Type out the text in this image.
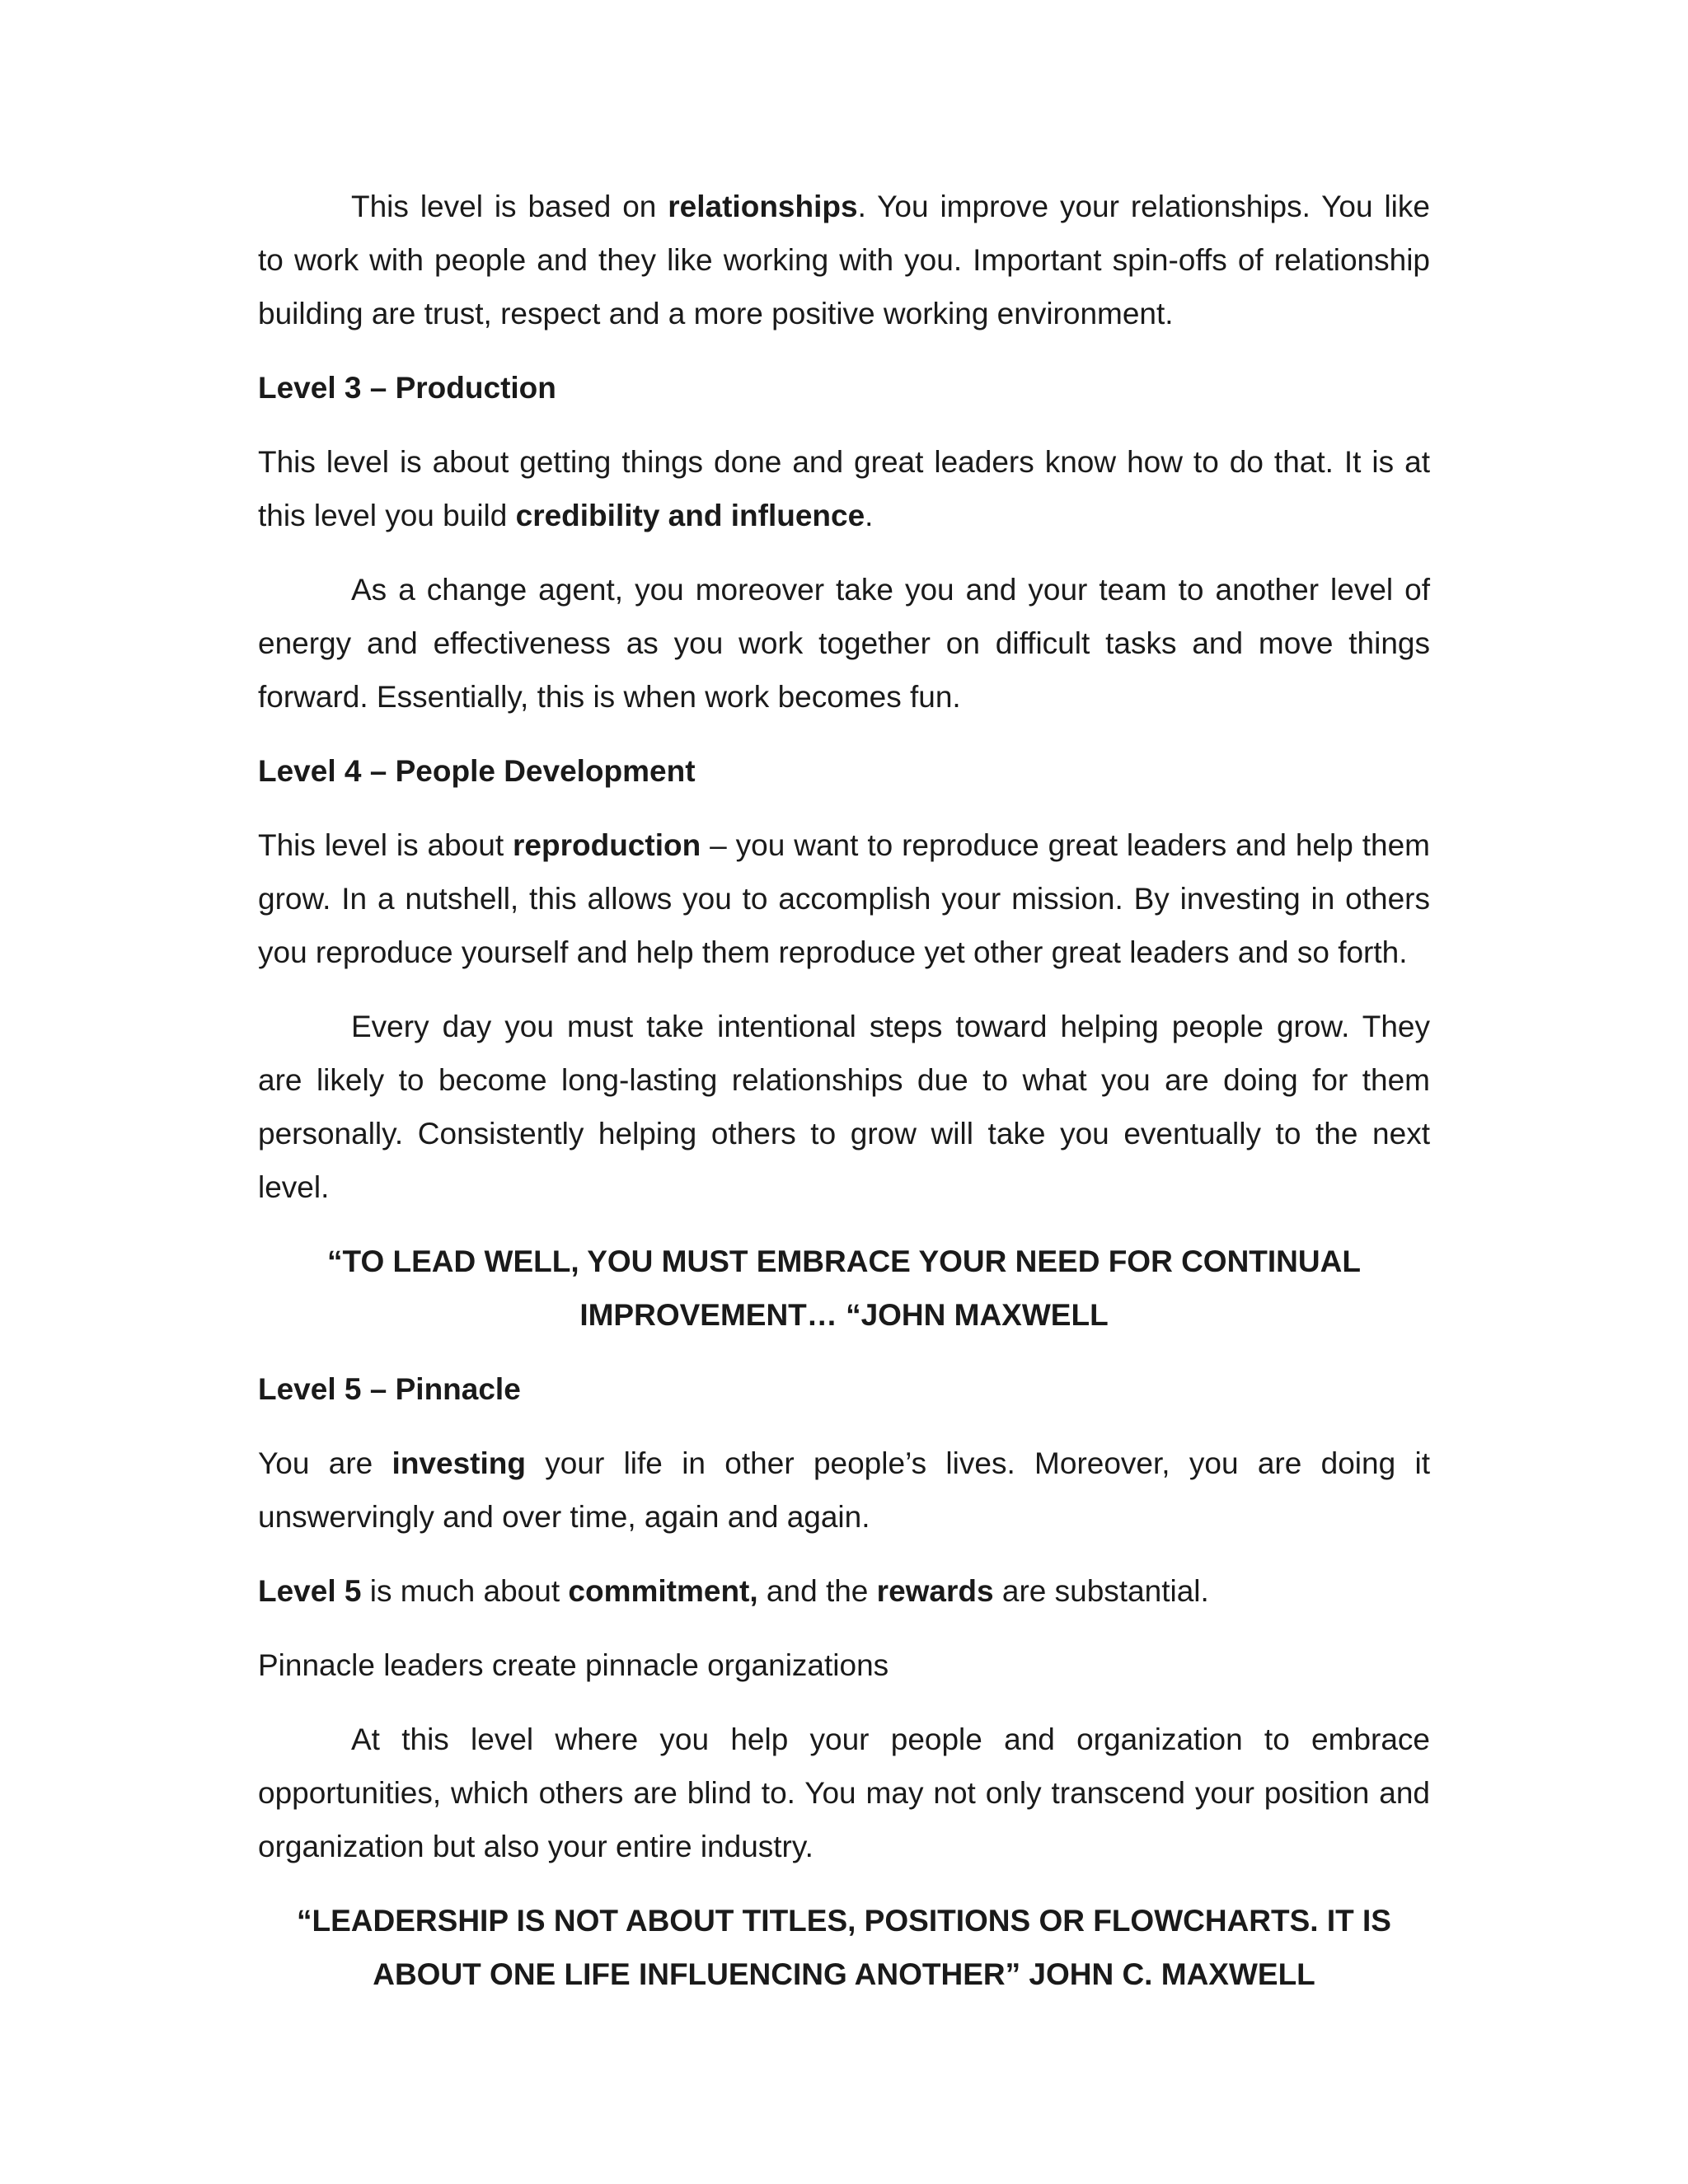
This level is based on relationships. You improve your relationships. You like to work with people and they like working with you. Important spin-offs of relationship building are trust, respect and a more positive working environment.

Level 3 – Production

This level is about getting things done and great leaders know how to do that. It is at this level you build credibility and influence.

As a change agent, you moreover take you and your team to another level of energy and effectiveness as you work together on difficult tasks and move things forward. Essentially, this is when work becomes fun.

Level 4 – People Development

This level is about reproduction – you want to reproduce great leaders and help them grow. In a nutshell, this allows you to accomplish your mission. By investing in others you reproduce yourself and help them reproduce yet other great leaders and so forth.

Every day you must take intentional steps toward helping people grow. They are likely to become long-lasting relationships due to what you are doing for them personally. Consistently helping others to grow will take you eventually to the next level.

“TO LEAD WELL, YOU MUST EMBRACE YOUR NEED FOR CONTINUAL IMPROVEMENT… “JOHN MAXWELL

Level 5 – Pinnacle

You are investing your life in other people’s lives. Moreover, you are doing it unswervingly and over time, again and again.

Level 5 is much about commitment, and the rewards are substantial.

Pinnacle leaders create pinnacle organizations

At this level where you help your people and organization to embrace opportunities, which others are blind to. You may not only transcend your position and organization but also your entire industry.

“LEADERSHIP IS NOT ABOUT TITLES, POSITIONS OR FLOWCHARTS. IT IS ABOUT ONE LIFE INFLUENCING ANOTHER” JOHN C. MAXWELL
